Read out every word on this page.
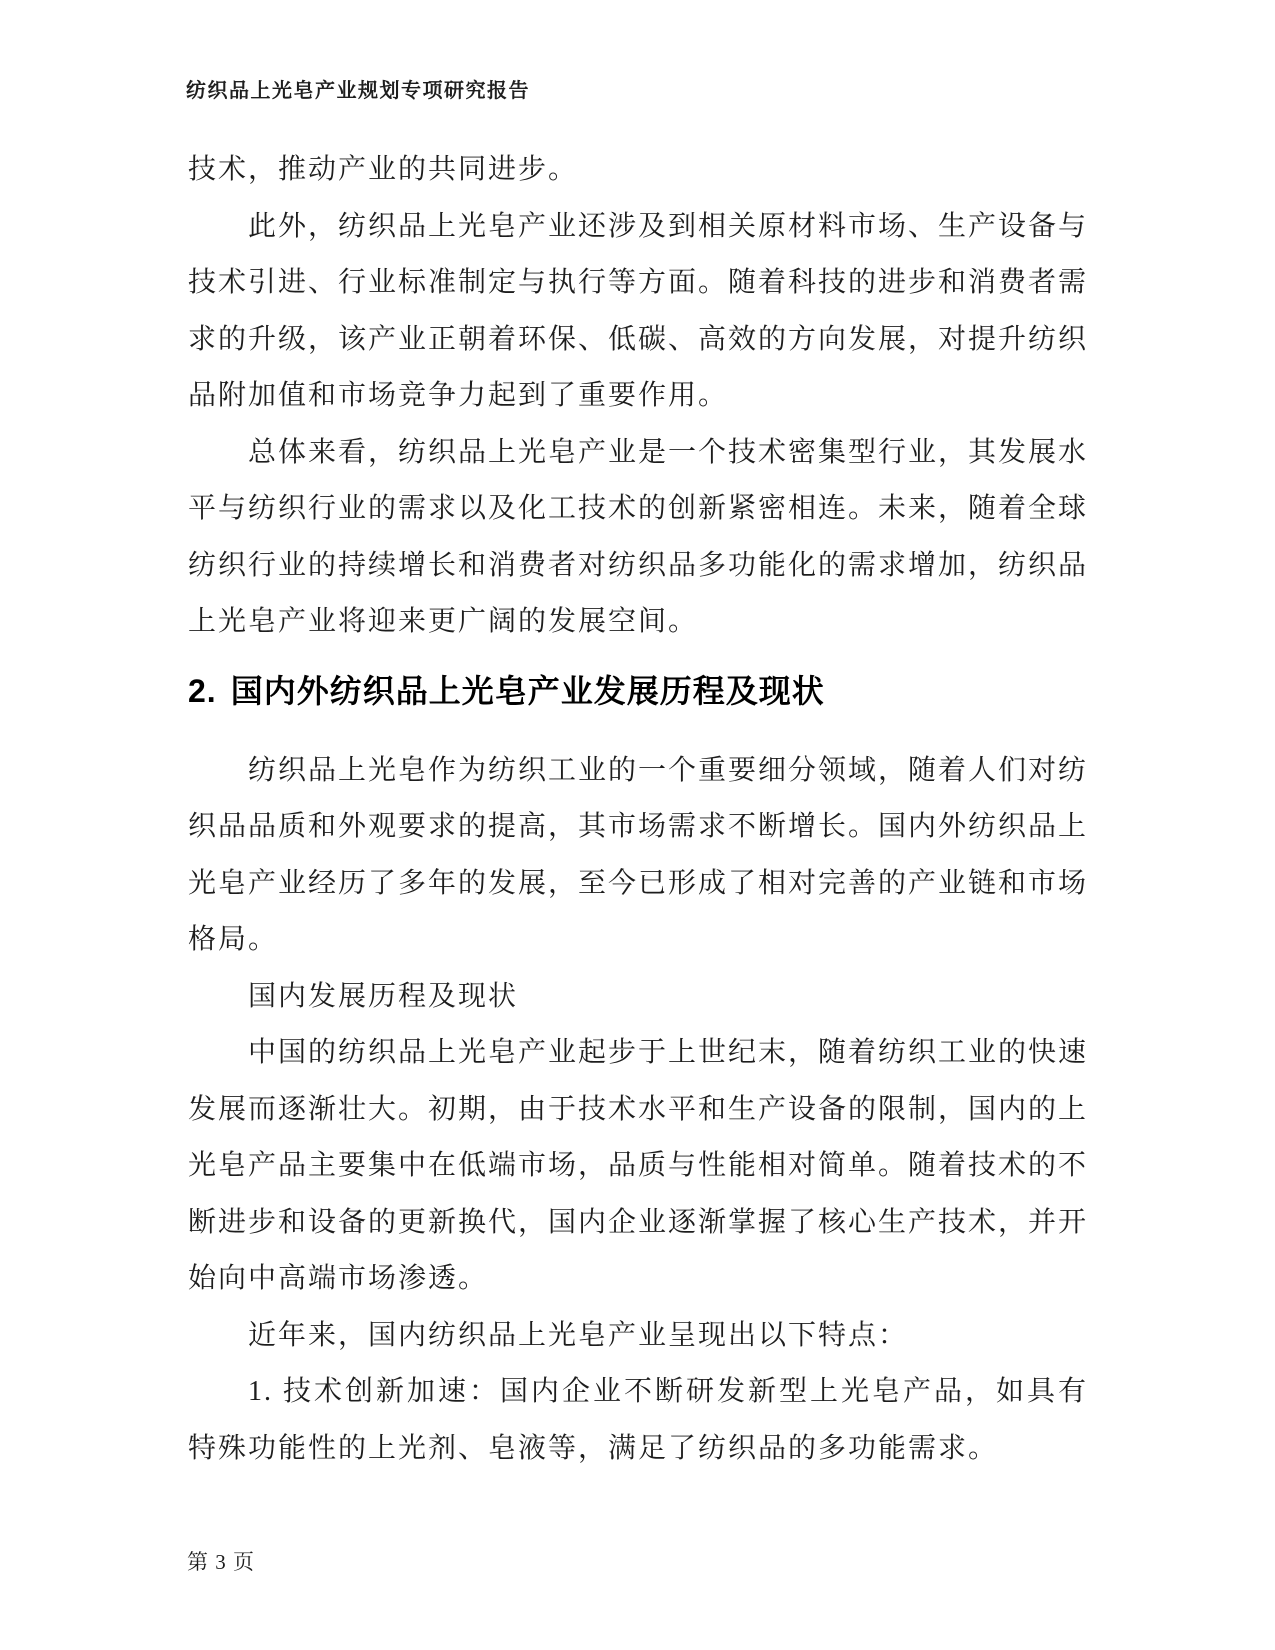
纺织品上光皂产业规划专项研究报告

技术，推动产业的共同进步。

此外，纺织品上光皂产业还涉及到相关原材料市场、生产设备与技术引进、行业标准制定与执行等方面。随着科技的进步和消费者需求的升级，该产业正朝着环保、低碳、高效的方向发展，对提升纺织品附加值和市场竞争力起到了重要作用。

总体来看，纺织品上光皂产业是一个技术密集型行业，其发展水平与纺织行业的需求以及化工技术的创新紧密相连。未来，随着全球纺织行业的持续增长和消费者对纺织品多功能化的需求增加，纺织品上光皂产业将迎来更广阔的发展空间。

2. 国内外纺织品上光皂产业发展历程及现状

纺织品上光皂作为纺织工业的一个重要细分领域，随着人们对纺织品品质和外观要求的提高，其市场需求不断增长。国内外纺织品上光皂产业经历了多年的发展，至今已形成了相对完善的产业链和市场格局。

国内发展历程及现状

中国的纺织品上光皂产业起步于上世纪末，随着纺织工业的快速发展而逐渐壮大。初期，由于技术水平和生产设备的限制，国内的上光皂产品主要集中在低端市场，品质与性能相对简单。随着技术的不断进步和设备的更新换代，国内企业逐渐掌握了核心生产技术，并开始向中高端市场渗透。

近年来，国内纺织品上光皂产业呈现出以下特点：

1. 技术创新加速：国内企业不断研发新型上光皂产品，如具有特殊功能性的上光剂、皂液等，满足了纺织品的多功能需求。

第 3 页
